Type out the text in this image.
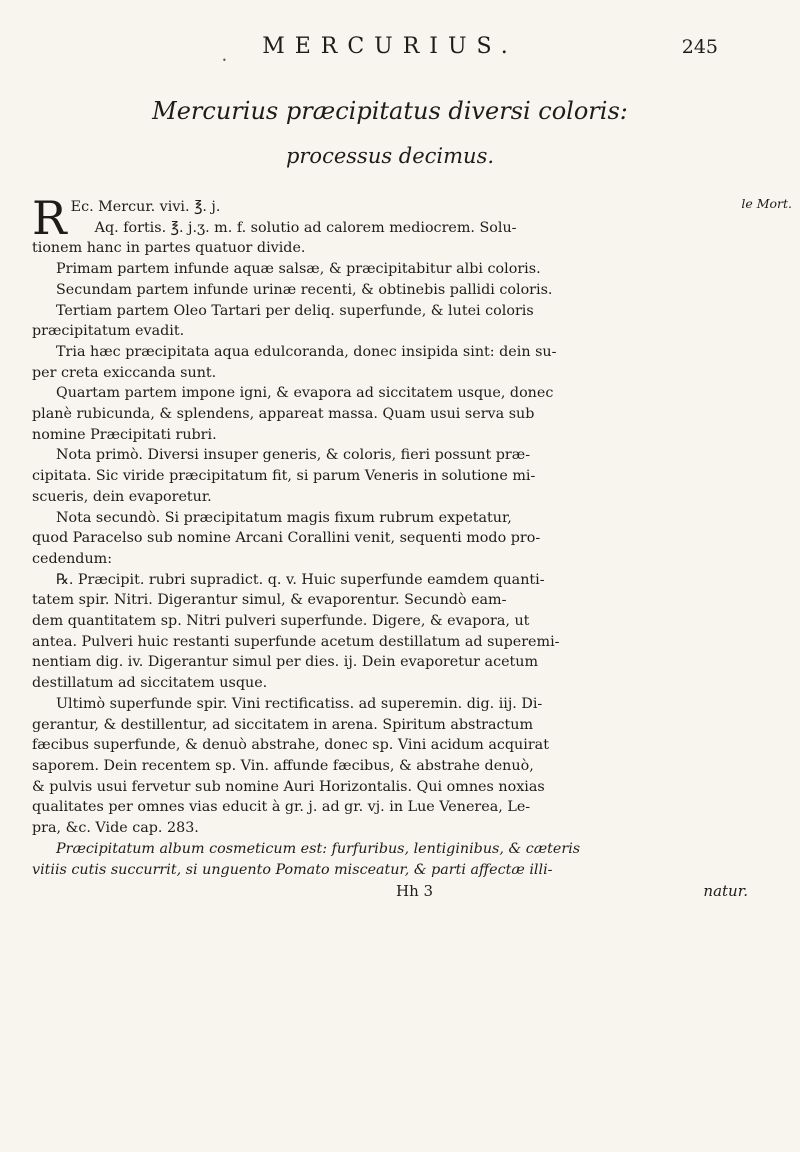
MERCURIUS.	245
•
Mercurius præcipitatus diversi coloris:
processus decimus.
le Mort.
R Ec. Mercur. vivi. ℥. j.

Aq. fortis. ℥. j.ʒ. m. f. solutio ad calorem mediocrem. Solu-

tionem hanc in partes quatuor divide.

Primam partem infunde aquæ salsæ, & præcipitabitur albi coloris.

Secundam partem infunde urinæ recenti, & obtinebis pallidi coloris.

Tertiam partem Oleo Tartari per deliq. superfunde, & lutei coloris

præcipitatum evadit.

Tria hæc præcipitata aqua edulcoranda, donec insipida sint: dein su-

per creta exiccanda sunt.

Quartam partem impone igni, & evapora ad siccitatem usque, donec

planè rubicunda, & splendens, appareat massa. Quam usui serva sub

nomine Præcipitati rubri.

Nota primò. Diversi insuper generis, & coloris, fieri possunt præ-

cipitata. Sic viride præcipitatum fit, si parum Veneris in solutione mi-

scueris, dein evaporetur.

Nota secundò. Si præcipitatum magis fixum rubrum expetatur,

quod Paracelso sub nomine Arcani Corallini venit, sequenti modo pro-

cedendum:

℞. Præcipit. rubri supradict. q. v. Huic superfunde eamdem quanti-

tatem spir. Nitri. Digerantur simul, & evaporentur. Secundò eam-

dem quantitatem sp. Nitri pulveri superfunde. Digere, & evapora, ut

antea. Pulveri huic restanti superfunde acetum destillatum ad superemi-

nentiam dig. iv. Digerantur simul per dies. ij. Dein evaporetur acetum

destillatum ad siccitatem usque.

Ultimò superfunde spir. Vini rectificatiss. ad superemin. dig. iij. Di-

gerantur, & destillentur, ad siccitatem in arena. Spiritum abstractum

fæcibus superfunde, & denuò abstrahe, donec sp. Vini acidum acquirat

saporem. Dein recentem sp. Vin. affunde fæcibus, & abstrahe denuò,

& pulvis usui fervetur sub nomine Auri Horizontalis. Qui omnes noxias

qualitates per omnes vias educit à gr. j. ad gr. vj. in Lue Venerea, Le-

pra, &c. Vide cap. 283.

Præcipitatum album cosmeticum est: furfuribus, lentiginibus, & cæteris

vitiis cutis succurrit, si unguento Pomato misceatur, & parti affectæ illi-

Hh 3	natur.
